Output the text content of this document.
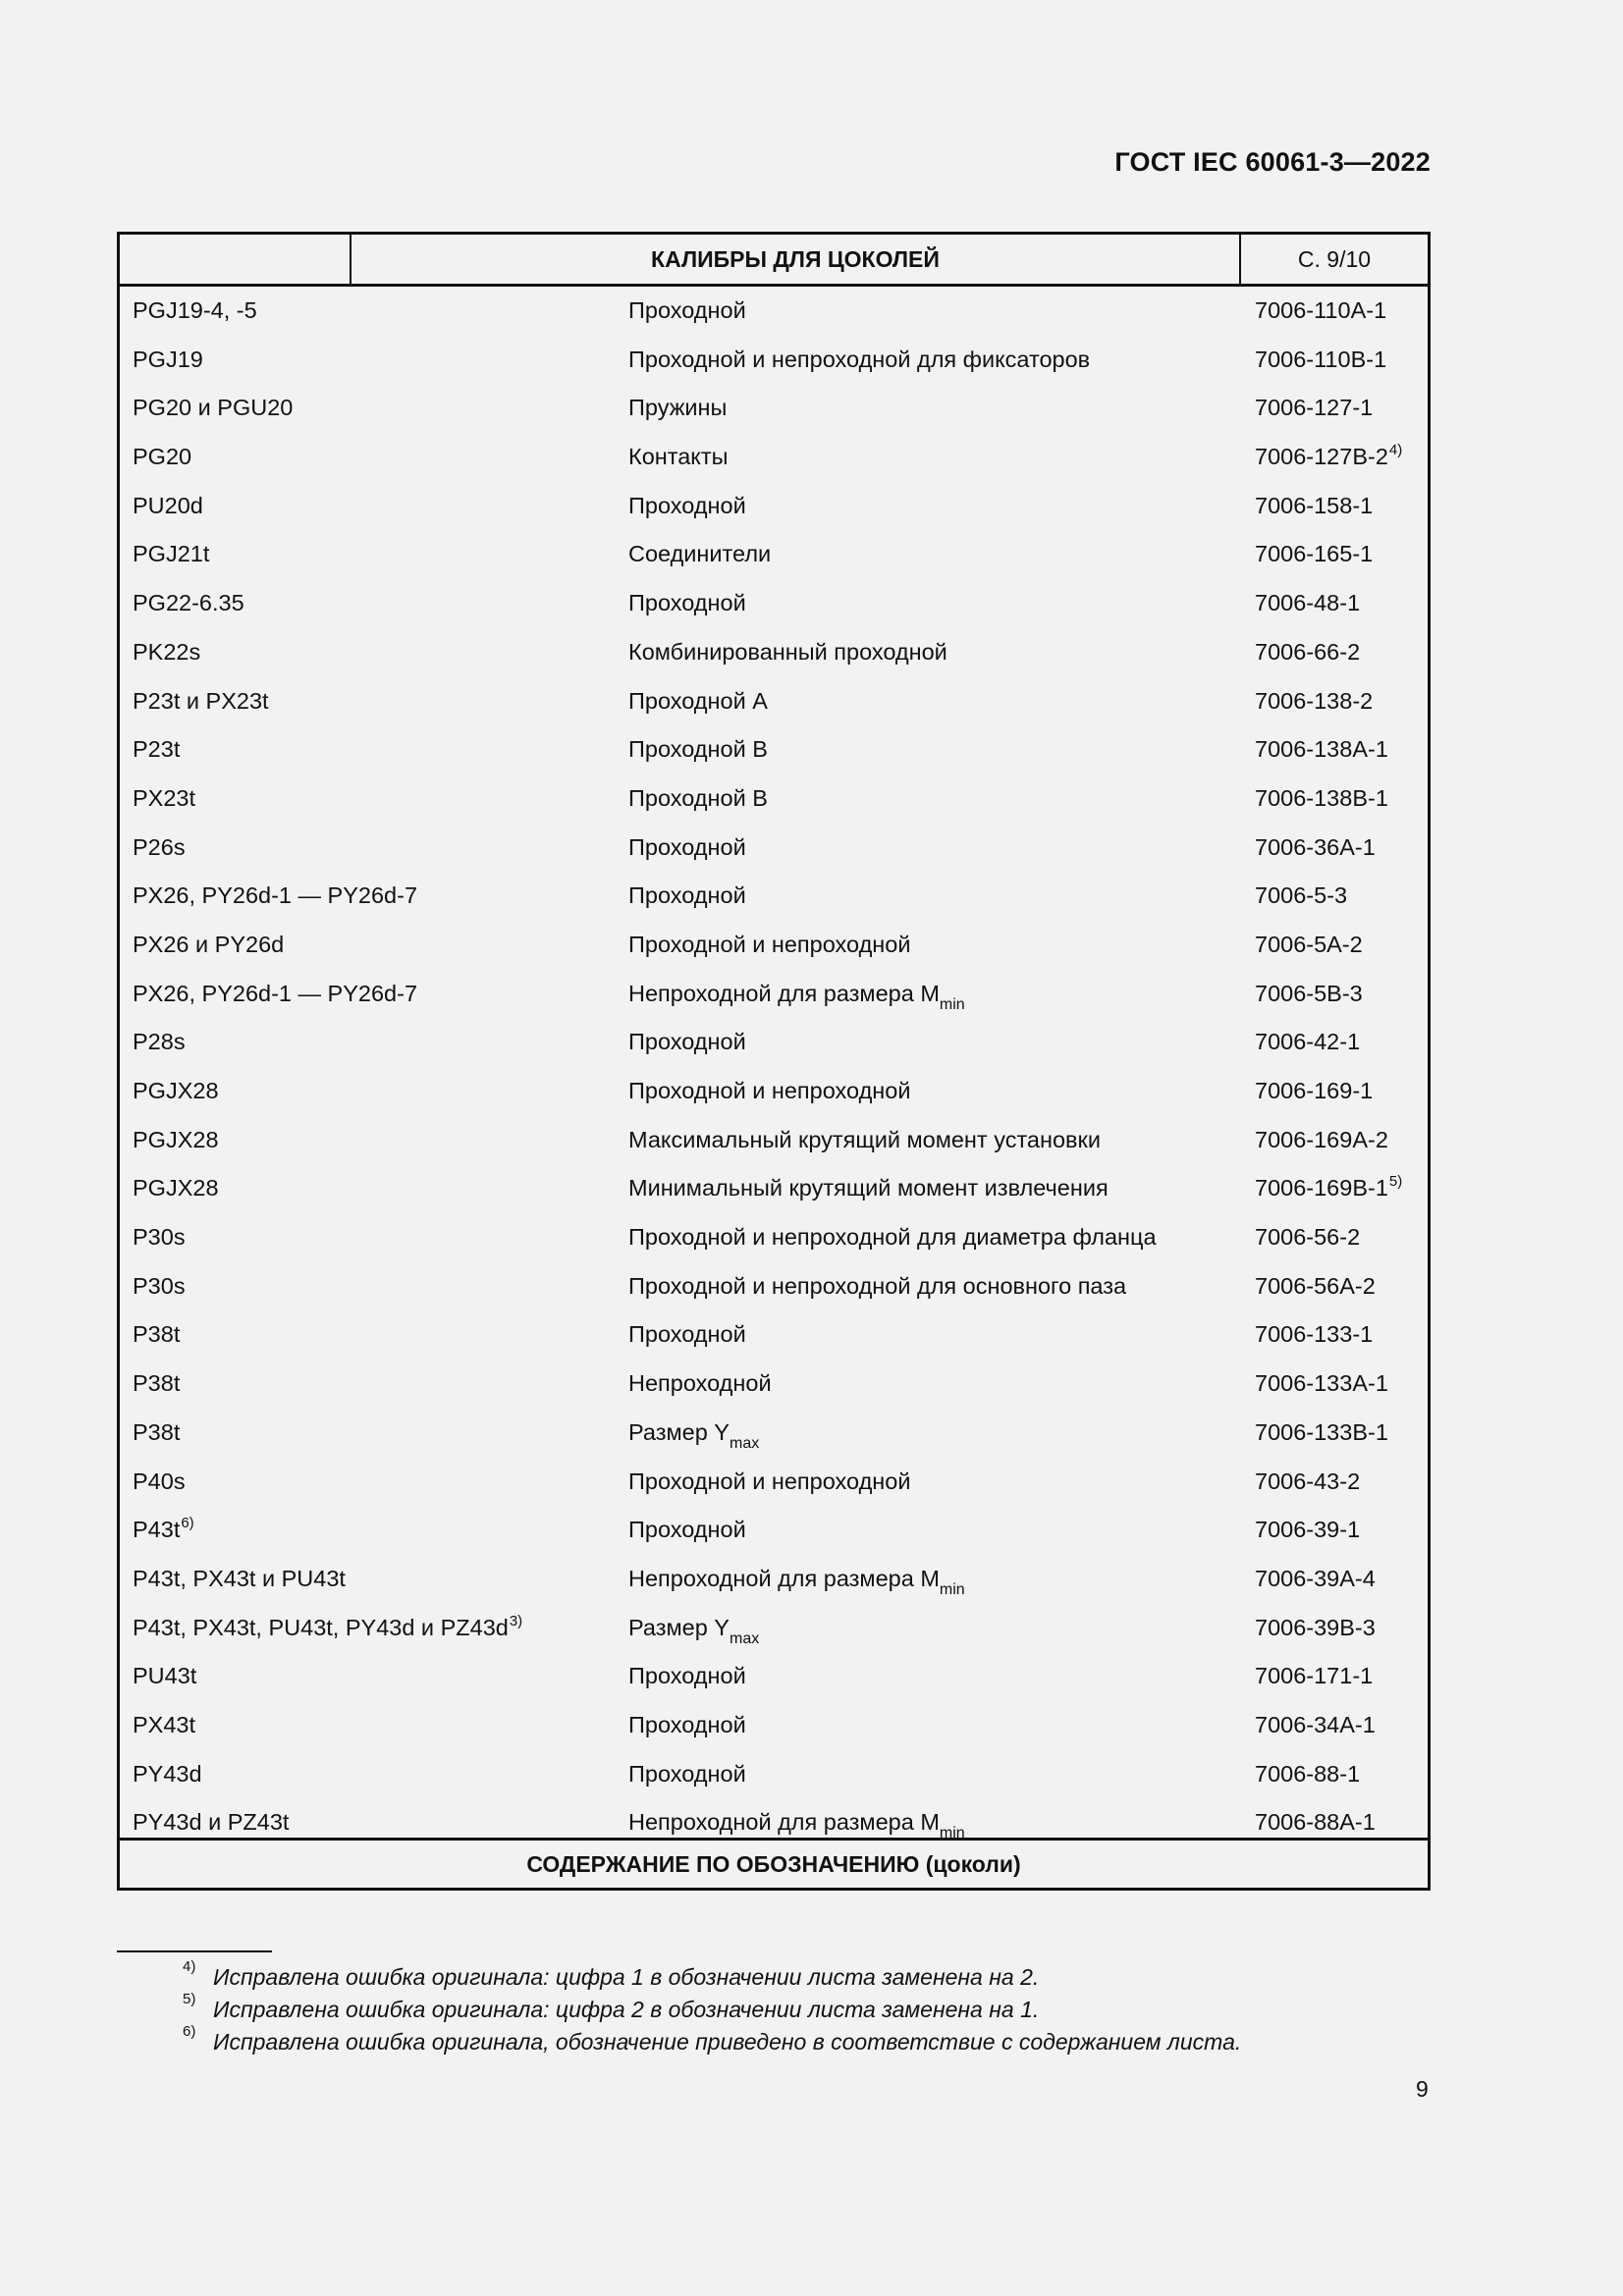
ГОСТ IEC 60061-3—2022
КАЛИБРЫ ДЛЯ ЦОКОЛЕЙ	С. 9/10
PGJ19-4, -5	Проходной	7006-110A-1
PGJ19	Проходной и непроходной для фиксаторов	7006-110B-1
PG20 и PGU20	Пружины	7006-127-1
PG20	Контакты	7006-127B-2$^{4)}$
PU20d	Проходной	7006-158-1
PGJ21t	Соединители	7006-165-1
PG22-6.35	Проходной	7006-48-1
PK22s	Комбинированный проходной	7006-66-2
P23t и PX23t	Проходной А	7006-138-2
P23t	Проходной В	7006-138A-1
PX23t	Проходной В	7006-138B-1
P26s	Проходной	7006-36A-1
PX26, PY26d-1 — PY26d-7	Проходной	7006-5-3
PX26 и PY26d	Проходной и непроходной	7006-5A-2
PX26, PY26d-1 — PY26d-7	Непроходной для размера $M_{min}$	7006-5B-3
P28s	Проходной	7006-42-1
PGJX28	Проходной и непроходной	7006-169-1
PGJX28	Максимальный крутящий момент установки	7006-169A-2
PGJX28	Минимальный крутящий момент извлечения	7006-169B-1$^{5)}$
P30s	Проходной и непроходной для диаметра фланца	7006-56-2
P30s	Проходной и непроходной для основного паза	7006-56A-2
P38t	Проходной	7006-133-1
P38t	Непроходной	7006-133A-1
P38t	Размер $Y_{max}$	7006-133B-1
P40s	Проходной и непроходной	7006-43-2
$P43t^{6)}$	Проходной	7006-39-1
P43t, PX43t и PU43t	Непроходной для размера $M_{min}$	7006-39A-4
P43t, PX43t, PU43t, PY43d и $PZ43d^{3)}$	Размер $Y_{max}$	7006-39B-3
PU43t	Проходной	7006-171-1
PX43t	Проходной	7006-34A-1
PY43d	Проходной	7006-88-1
PY43d и PZ43t	Непроходной для размера $M_{min}$	7006-88A-1
СОДЕРЖАНИЕ ПО ОБОЗНАЧЕНИЮ (цоколи)
4) Исправлена ошибка оригинала: цифра 1 в обозначении листа заменена на 2.
5) Исправлена ошибка оригинала: цифра 2 в обозначении листа заменена на 1.
6) Исправлена ошибка оригинала, обозначение приведено в соответствие с содержанием листа.
9
